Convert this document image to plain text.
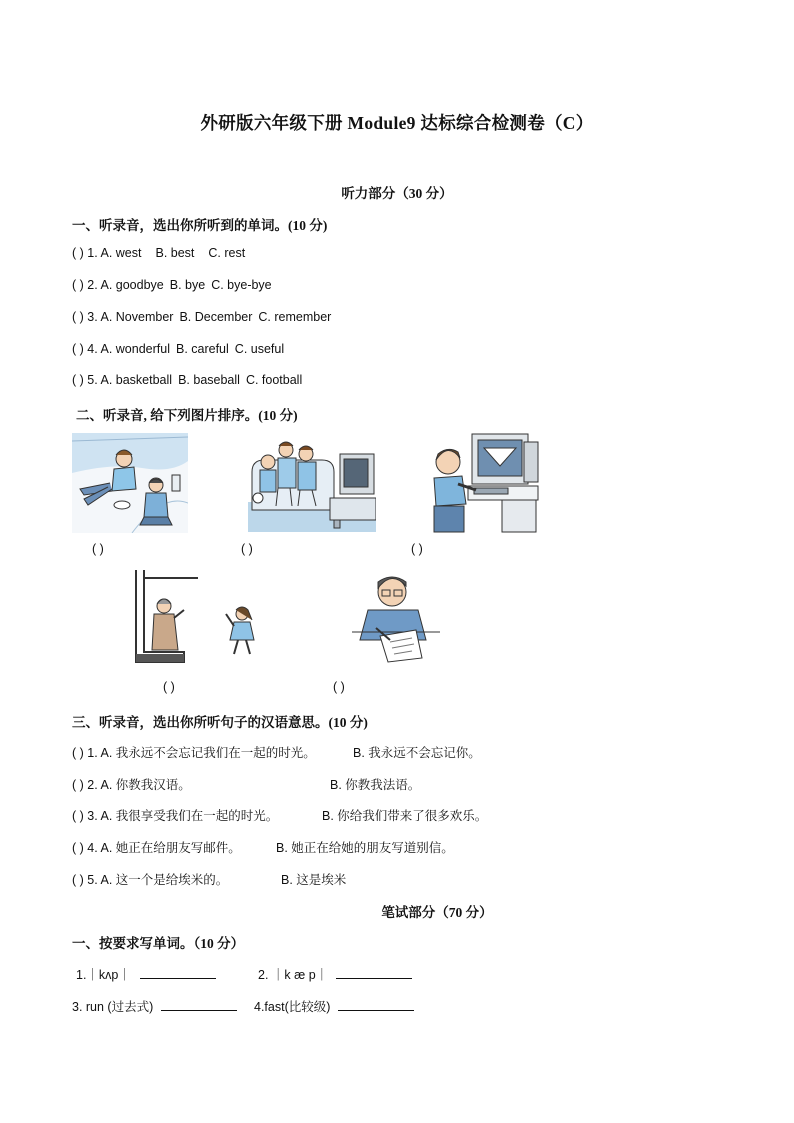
外研版六年级下册 Module9 达标综合检测卷（C）
听力部分（30 分）
一、听录音，选出你所听到的单词。(10 分)
( ) 1. A. west B. best C. rest
( ) 2. A. goodbye B. bye C. bye-bye
( ) 3. A. November B. December C. remember
( ) 4. A. wonderful B. careful C. useful
( ) 5. A. basketball B. baseball C. football
二、听录音, 给下列图片排序。(10 分)
( )	( )	( )
( )	( )
三、听录音，选出你所听句子的汉语意思。(10 分)
( ) 1. A. 我永远不会忘记我们在一起的时光。	B. 我永远不会忘记你。
( ) 2. A. 你教我汉语。	B. 你教我法语。
( ) 3. A. 我很享受我们在一起的时光。	B. 你给我们带来了很多欢乐。
( ) 4. A. 她正在给朋友写邮件。	B. 她正在给她的朋友写道别信。
( ) 5. A. 这一个是给埃米的。	B. 这是埃米
笔试部分（70 分）
一、按要求写单词。（10 分）
1.｜kʌp｜	2. ｜k æ p｜
3. run (过去式)	4.fast(比较级)
